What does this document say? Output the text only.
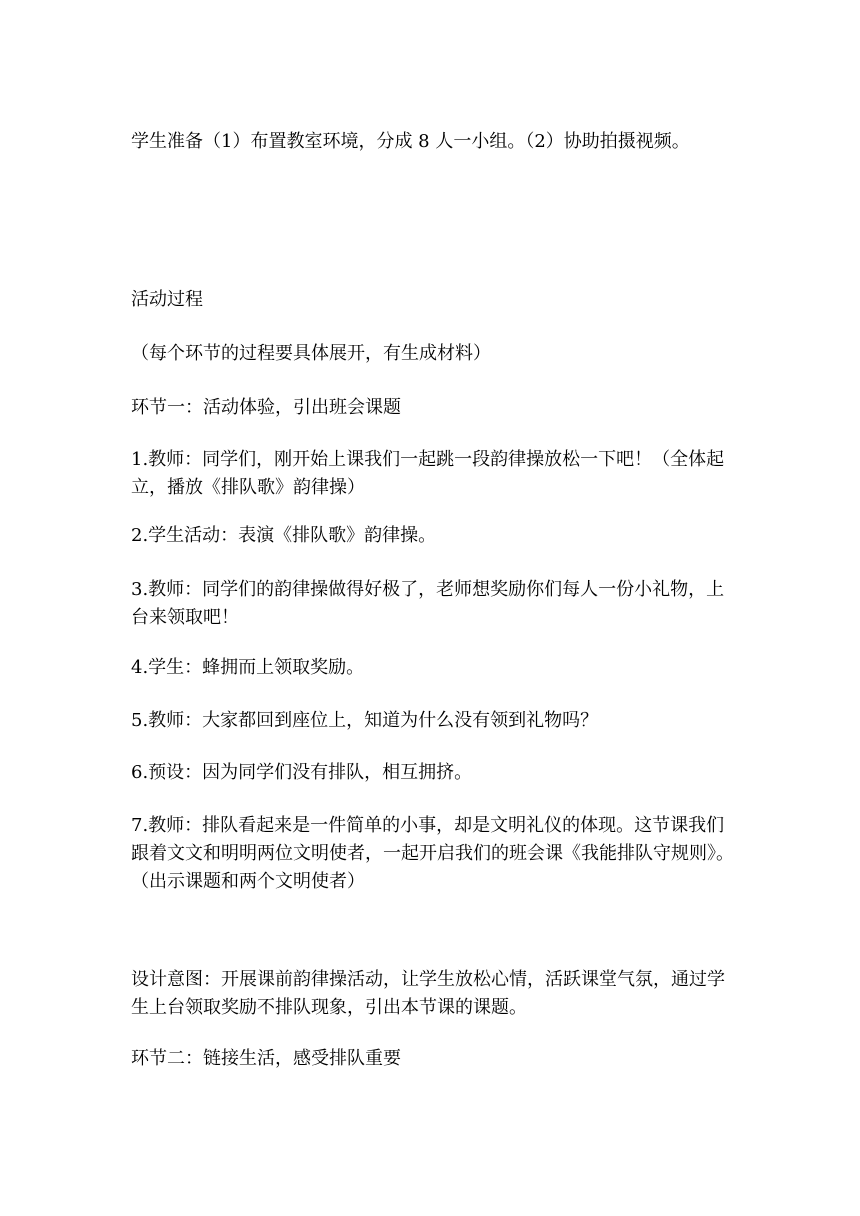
学生准备（1）布置教室环境，分成 8 人一小组。（2）协助拍摄视频。

活动过程

（每个环节的过程要具体展开，有生成材料）

环节一：活动体验，引出班会课题

1.教师：同学们，刚开始上课我们一起跳一段韵律操放松一下吧！（全体起立，播放《排队歌》韵律操）

2.学生活动：表演《排队歌》韵律操。

3.教师：同学们的韵律操做得好极了，老师想奖励你们每人一份小礼物，上台来领取吧！

4.学生：蜂拥而上领取奖励。

5.教师：大家都回到座位上，知道为什么没有领到礼物吗？

6.预设：因为同学们没有排队，相互拥挤。

7.教师：排队看起来是一件简单的小事，却是文明礼仪的体现。这节课我们跟着文文和明明两位文明使者，一起开启我们的班会课《我能排队守规则》。（出示课题和两个文明使者）

设计意图：开展课前韵律操活动，让学生放松心情，活跃课堂气氛，通过学生上台领取奖励不排队现象，引出本节课的课题。

环节二：链接生活，感受排队重要
